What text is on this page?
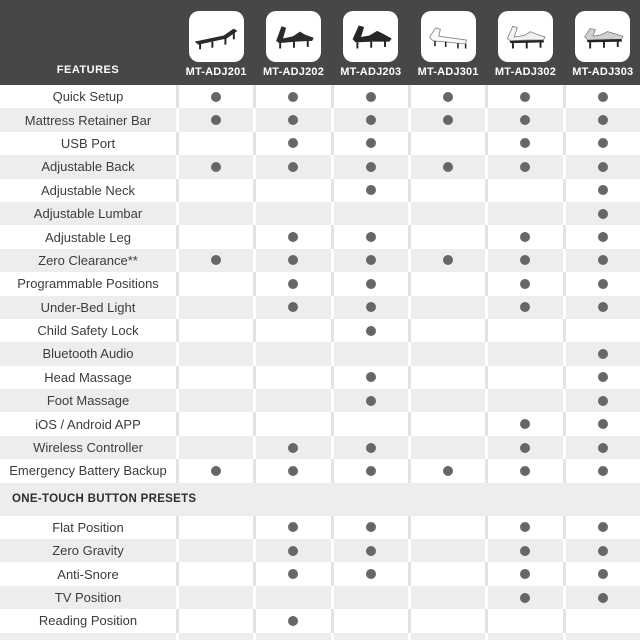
FEATURES	MT-ADJ201 MT-ADJ202 MT-ADJ203 MT-ADJ301 MT-ADJ302 MT-ADJ303
Quick Setup
Mattress Retainer Bar
USB Port
Adjustable Back
Adjustable Neck
Adjustable Lumbar
Adjustable Leg
Zero Clearance**
Programmable Positions
Under-Bed Light
Child Safety Lock
Bluetooth Audio
Head Massage
Foot Massage
iOS / Android APP
Wireless Controller
Emergency Battery Backup
ONE-TOUCH BUTTON PRESETS
Flat Position
Zero Gravity
Anti-Snore
TV Position
Reading Position
